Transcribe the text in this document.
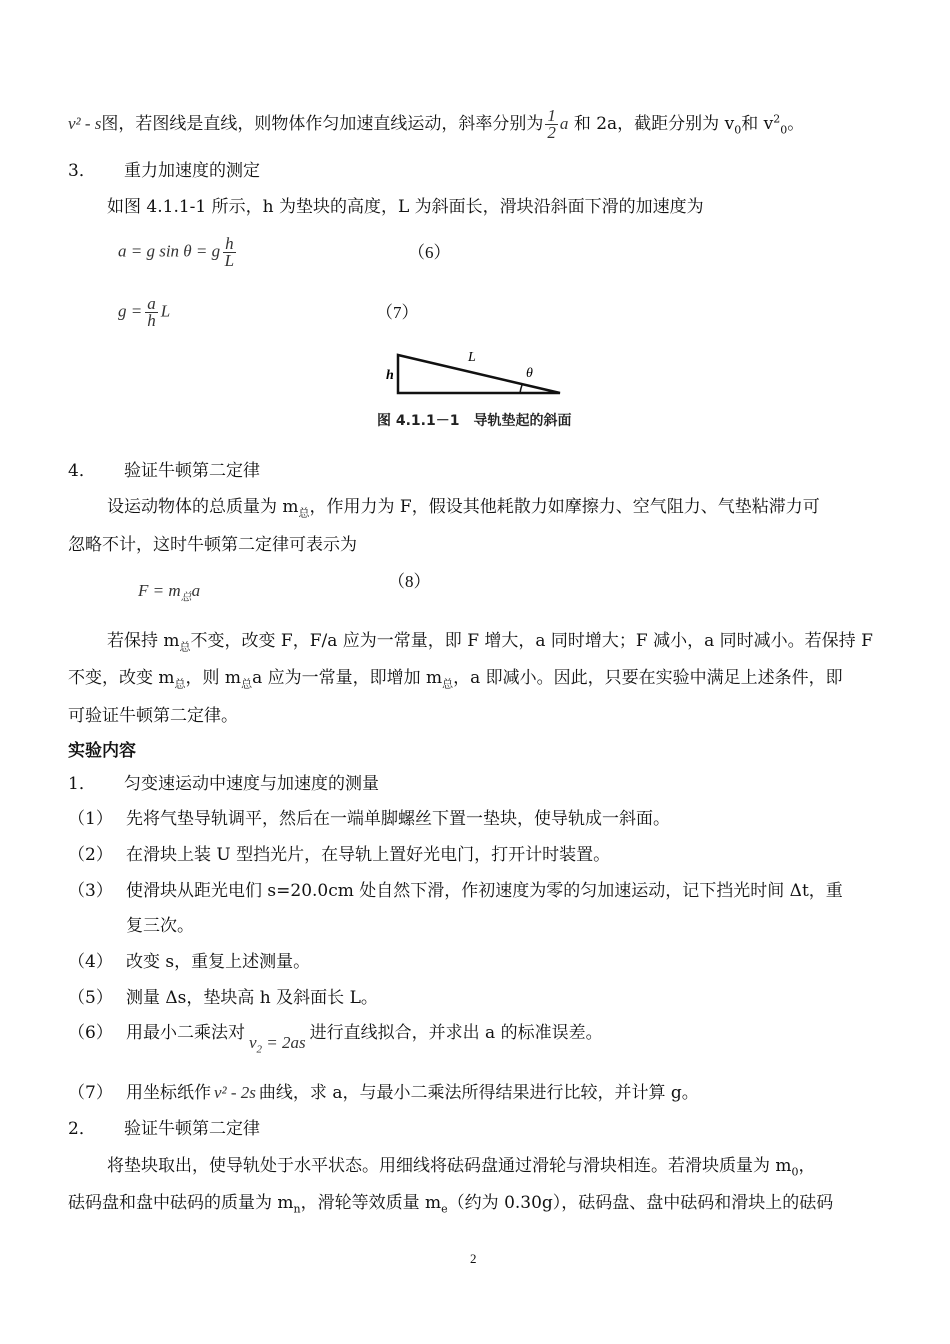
v² - s图，若图线是直线，则物体作匀加速直线运动，斜率分别为 $\frac{1}{2}$ a 和 2a，截距分别为 $v_0$和 $v^2_0$。
3． 重力加速度的测定
如图 4.1.1-1 所示，h 为垫块的高度，L 为斜面长，滑块沿斜面下滑的加速度为
a = g sin θ = g $\frac{h}{L}$	（6）
$g = \frac{a}{h}$ L	（7）
L
h	θ
图 4.1.1－1　导轨垫起的斜面
4． 验证牛顿第二定律
设运动物体的总质量为 $m_总$，作用力为 F，假设其他耗散力如摩擦力、空气阻力、气垫粘滞力可
忽略不计，这时牛顿第二定律可表示为
$F = m_总a$	（8）
若保持 $m_总$不变，改变 F，F/a 应为一常量，即 F 增大，a 同时增大；F 减小，a 同时减小。若保持 F
不变，改变 $m_总$，则 $m_总a$ 应为一常量，即增加 $m_总$，a 即减小。因此，只要在实验中满足上述条件，即
可验证牛顿第二定律。
实验内容
1． 匀变速运动中速度与加速度的测量
（1） 先将气垫导轨调平，然后在一端单脚螺丝下置一垫块，使导轨成一斜面。
（2） 在滑块上装 U 型挡光片，在导轨上置好光电门，打开计时装置。
（3） 使滑块从距光电们 s=20.0cm 处自然下滑，作初速度为零的匀加速运动，记下挡光时间 Δt，重
复三次。
（4） 改变 s，重复上述测量。
（5） 测量 Δs，垫块高 h 及斜面长 L。
（6） 用最小二乘法对 $v_2 = 2as$ 进行直线拟合，并求出 a 的标准误差。
（7） 用坐标纸作 v² - 2s 曲线，求 a，与最小二乘法所得结果进行比较，并计算 g。
2． 验证牛顿第二定律
将垫块取出，使导轨处于水平状态。用细线将砝码盘通过滑轮与滑块相连。若滑块质量为 $m_0$，
砝码盘和盘中砝码的质量为 $m_n$，滑轮等效质量 $m_e$（约为 0.30g），砝码盘、盘中砝码和滑块上的砝码
2
